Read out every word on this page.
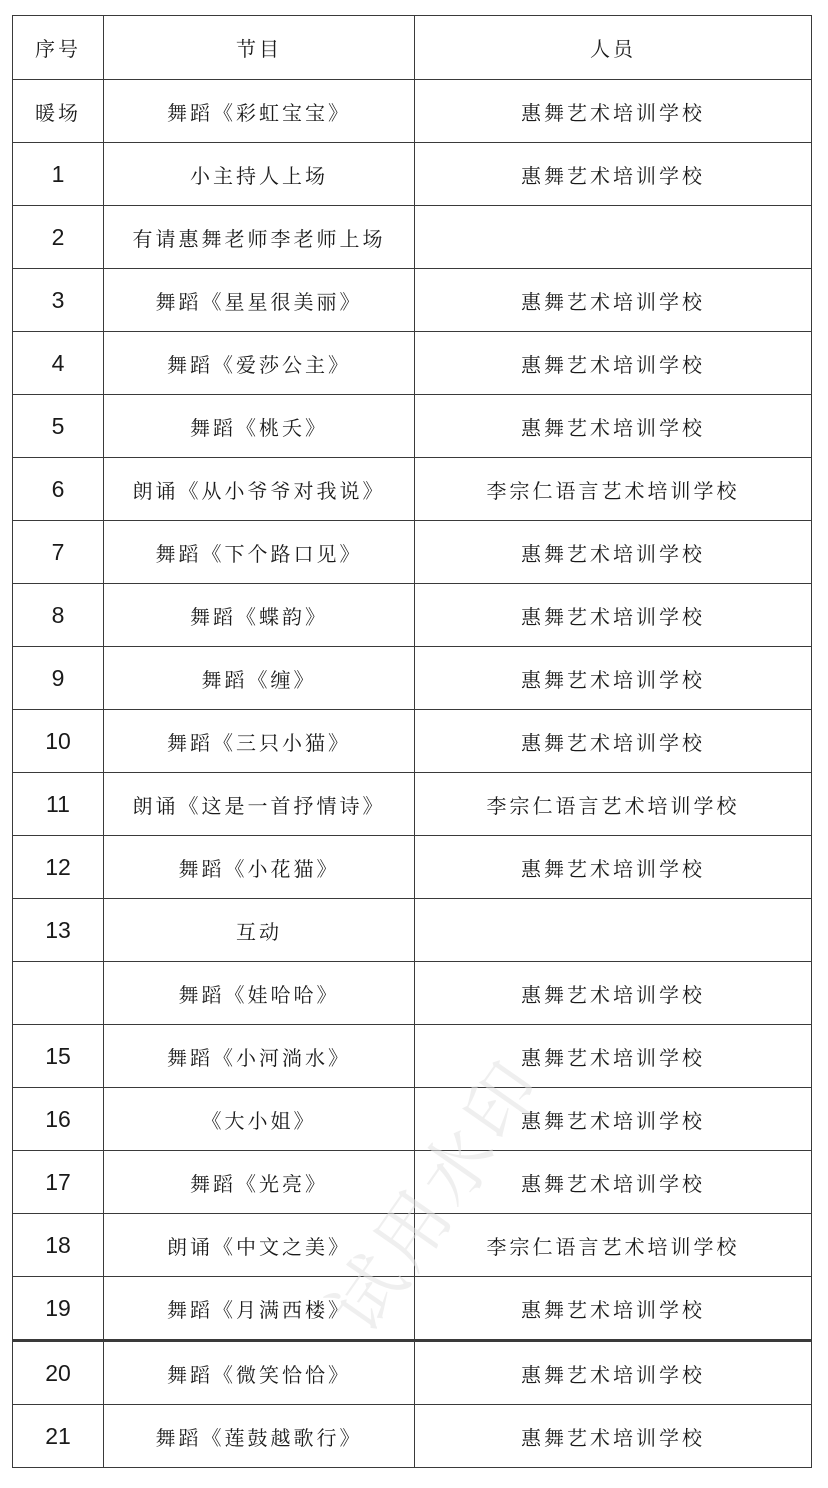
序号	节目	人员
暖场	舞蹈《彩虹宝宝》	惠舞艺术培训学校
1	小主持人上场	惠舞艺术培训学校
2	有请惠舞老师李老师上场	
3	舞蹈《星星很美丽》	惠舞艺术培训学校
4	舞蹈《爱莎公主》	惠舞艺术培训学校
5	舞蹈《桃夭》	惠舞艺术培训学校
6	朗诵《从小爷爷对我说》	李宗仁语言艺术培训学校
7	舞蹈《下个路口见》	惠舞艺术培训学校
8	舞蹈《蝶韵》	惠舞艺术培训学校
9	舞蹈《缠》	惠舞艺术培训学校
10	舞蹈《三只小猫》	惠舞艺术培训学校
11	朗诵《这是一首抒情诗》	李宗仁语言艺术培训学校
12	舞蹈《小花猫》	惠舞艺术培训学校
13	互动	
	舞蹈《娃哈哈》	惠舞艺术培训学校
15	舞蹈《小河淌水》	惠舞艺术培训学校
16	《大小姐》	惠舞艺术培训学校
17	舞蹈《光亮》	惠舞艺术培训学校
18	朗诵《中文之美》	李宗仁语言艺术培训学校
19	舞蹈《月满西楼》	惠舞艺术培训学校
20	舞蹈《微笑恰恰》	惠舞艺术培训学校
21	舞蹈《莲鼓越歌行》	惠舞艺术培训学校
试用水印
